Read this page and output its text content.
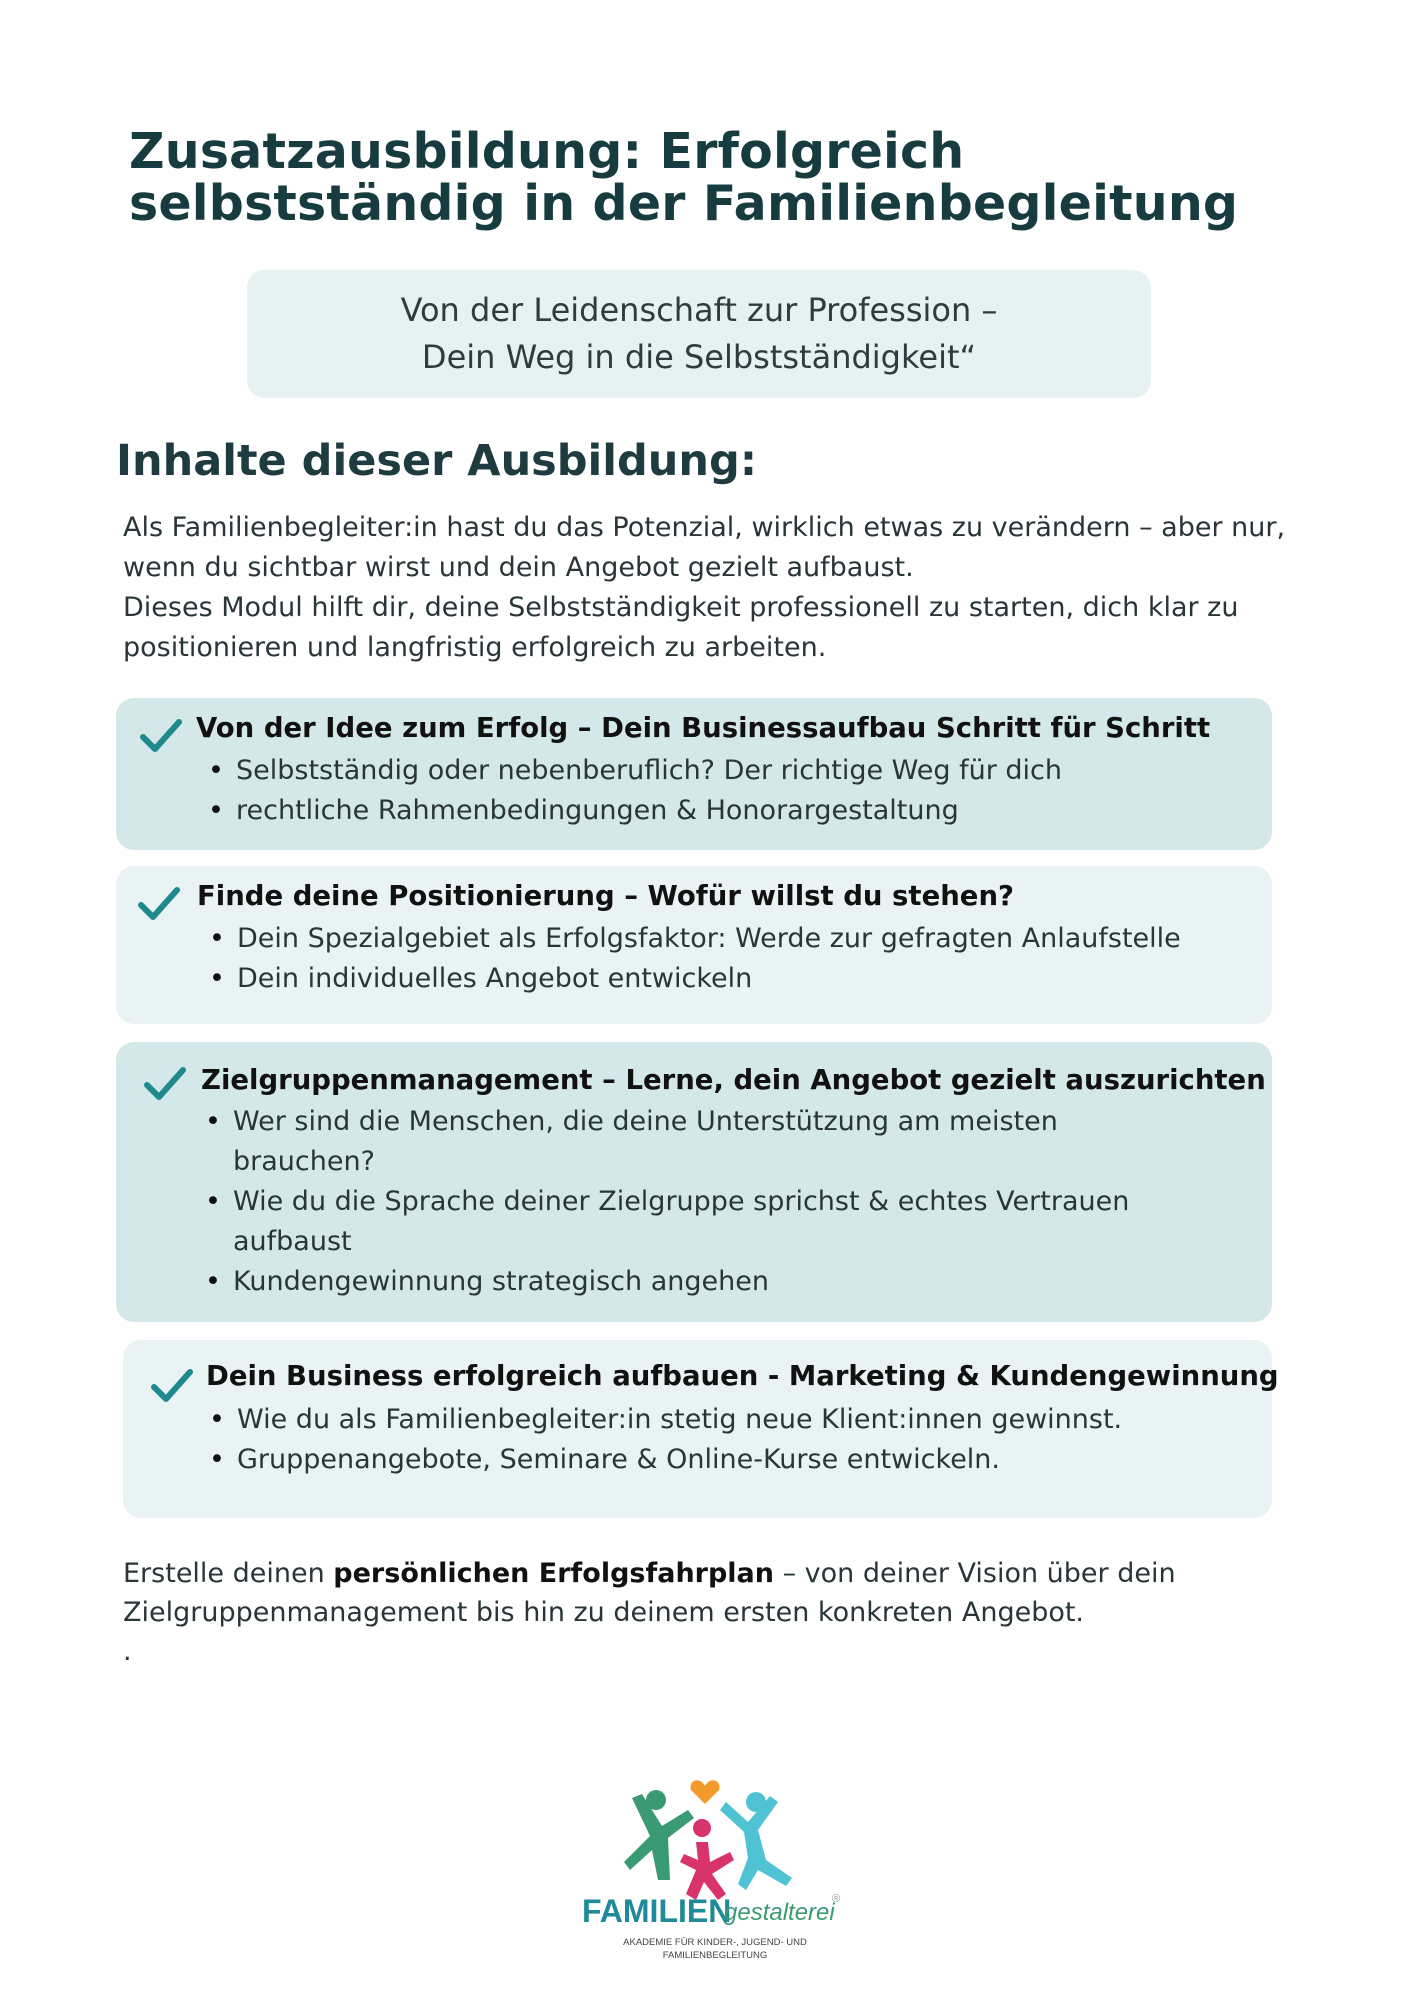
Zusatzausbildung: Erfolgreich selbstständig in der Familienbegleitung
Von der Leidenschaft zur Profession –
Dein Weg in die Selbstständigkeit“
Inhalte dieser Ausbildung:

Als Familienbegleiter:in hast du das Potenzial, wirklich etwas zu verändern – aber nur, wenn du sichtbar wirst und dein Angebot gezielt aufbaust.

Dieses Modul hilft dir, deine Selbstständigkeit professionell zu starten, dich klar zu positionieren und langfristig erfolgreich zu arbeiten.

Von der Idee zum Erfolg – Dein Businessaufbau Schritt für Schritt
• Selbstständig oder nebenberuflich? Der richtige Weg für dich
• rechtliche Rahmenbedingungen & Honorargestaltung
Finde deine Positionierung – Wofür willst du stehen?
• Dein Spezialgebiet als Erfolgsfaktor: Werde zur gefragten Anlaufstelle
• Dein individuelles Angebot entwickeln
Zielgruppenmanagement – Lerne, dein Angebot gezielt auszurichten
• Wer sind die Menschen, die deine Unterstützung am meisten brauchen?
• Wie du die Sprache deiner Zielgruppe sprichst & echtes Vertrauen aufbaust
• Kundengewinnung strategisch angehen
Dein Business erfolgreich aufbauen - Marketing & Kundengewinnung
• Wie du als Familienbegleiter:in stetig neue Klient:innen gewinnst.
• Gruppenangebote, Seminare & Online-Kurse entwickeln.

Erstelle deinen persönlichen Erfolgsfahrplan – von deiner Vision über dein Zielgruppenmanagement bis hin zu deinem ersten konkreten Angebot.

.

FAMILIEN
gestalterei
®
AKADEMIE FÜR KINDER-, JUGEND- UND
FAMILIENBEGLEITUNG
